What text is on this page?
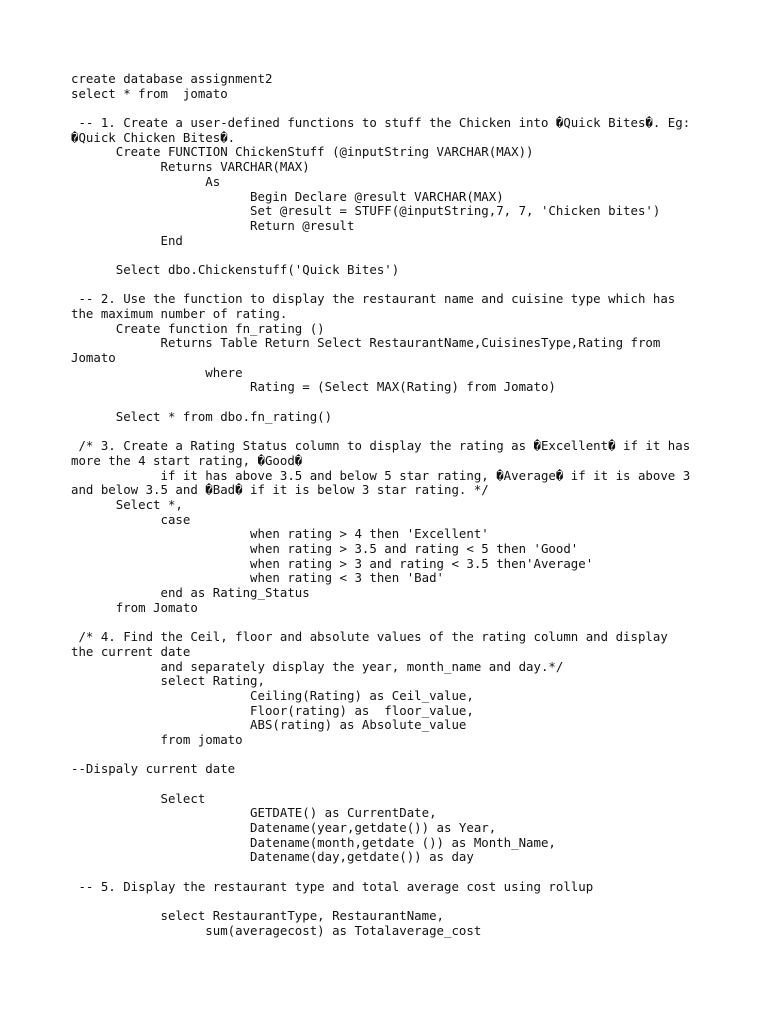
create database assignment2
select * from  jomato
-- 1. Create a user-defined functions to stuff the Chicken into �Quick Bites�. Eg:
�Quick Chicken Bites�.
Create FUNCTION ChickenStuff (@inputString VARCHAR(MAX))
Returns VARCHAR(MAX)
As
Begin Declare @result VARCHAR(MAX)
Set @result = STUFF(@inputString,7, 7, 'Chicken bites')
Return @result
End
Select dbo.Chickenstuff('Quick Bites')
-- 2. Use the function to display the restaurant name and cuisine type which has
the maximum number of rating.
Create function fn_rating ()
Returns Table Return Select RestaurantName,CuisinesType,Rating from
Jomato
where
Rating = (Select MAX(Rating) from Jomato)
Select * from dbo.fn_rating()
/* 3. Create a Rating Status column to display the rating as �Excellent� if it has
more the 4 start rating, �Good�
if it has above 3.5 and below 5 star rating, �Average� if it is above 3
and below 3.5 and �Bad� if it is below 3 star rating. */
Select *,
case
when rating > 4 then 'Excellent'
when rating > 3.5 and rating < 5 then 'Good'
when rating > 3 and rating < 3.5 then'Average'
when rating < 3 then 'Bad'
end as Rating_Status
from Jomato
/* 4. Find the Ceil, floor and absolute values of the rating column and display
the current date
and separately display the year, month_name and day.*/
select Rating,
Ceiling(Rating) as Ceil_value,
Floor(rating) as  floor_value,
ABS(rating) as Absolute_value
from jomato
--Dispaly current date
Select
GETDATE() as CurrentDate,
Datename(year,getdate()) as Year,
Datename(month,getdate ()) as Month_Name,
Datename(day,getdate()) as day
-- 5. Display the restaurant type and total average cost using rollup
select RestaurantType, RestaurantName,
sum(averagecost) as Totalaverage_cost
